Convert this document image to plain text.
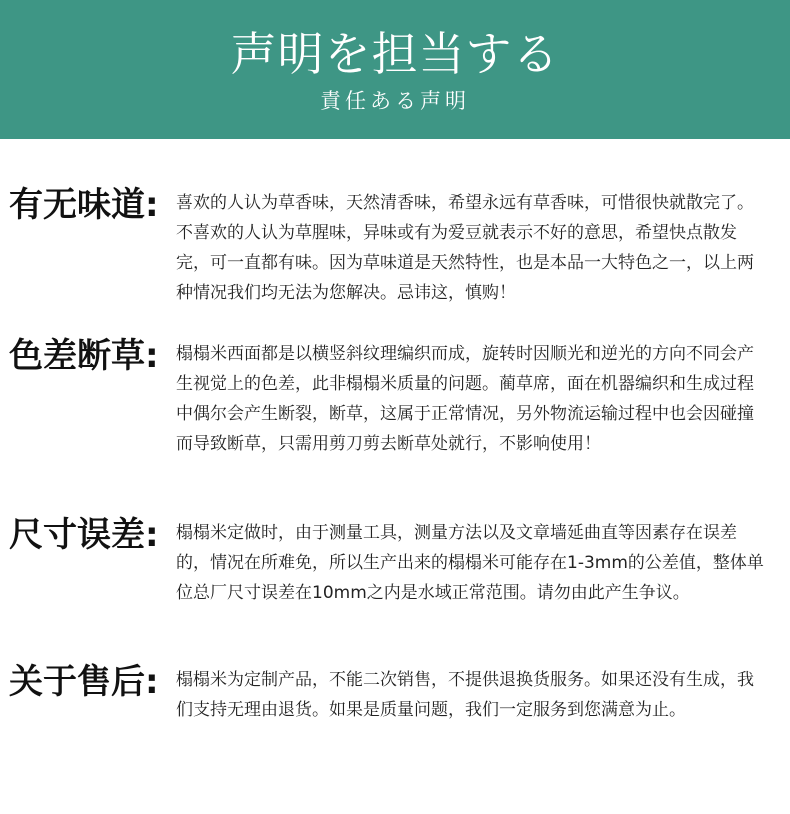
声明を担当する
責任ある声明
有无味道:	喜欢的人认为草香味，天然清香味，希望永远有草香味，可惜很快就散完了。不喜欢的人认为草腥味，异味或有为爱豆就表示不好的意思，希望快点散发完，可一直都有味。因为草味道是天然特性，也是本品一大特色之一，以上两种情况我们均无法为您解决。忌讳这，慎购！
色差断草:	榻榻米西面都是以横竖斜纹理编织而成，旋转时因顺光和逆光的方向不同会产生视觉上的色差，此非榻榻米质量的问题。蔺草席，面在机器编织和生成过程中偶尔会产生断裂，断草，这属于正常情况，另外物流运输过程中也会因碰撞而导致断草，只需用剪刀剪去断草处就行，不影响使用！
尺寸误差:	榻榻米定做时，由于测量工具，测量方法以及文章墙延曲直等因素存在误差的，情况在所难免，所以生产出来的榻榻米可能存在1-3mm的公差值，整体单位总厂尺寸误差在10mm之内是水域正常范围。请勿由此产生争议。
关于售后:	榻榻米为定制产品，不能二次销售，不提供退换货服务。如果还没有生成，我们支持无理由退货。如果是质量问题，我们一定服务到您满意为止。
